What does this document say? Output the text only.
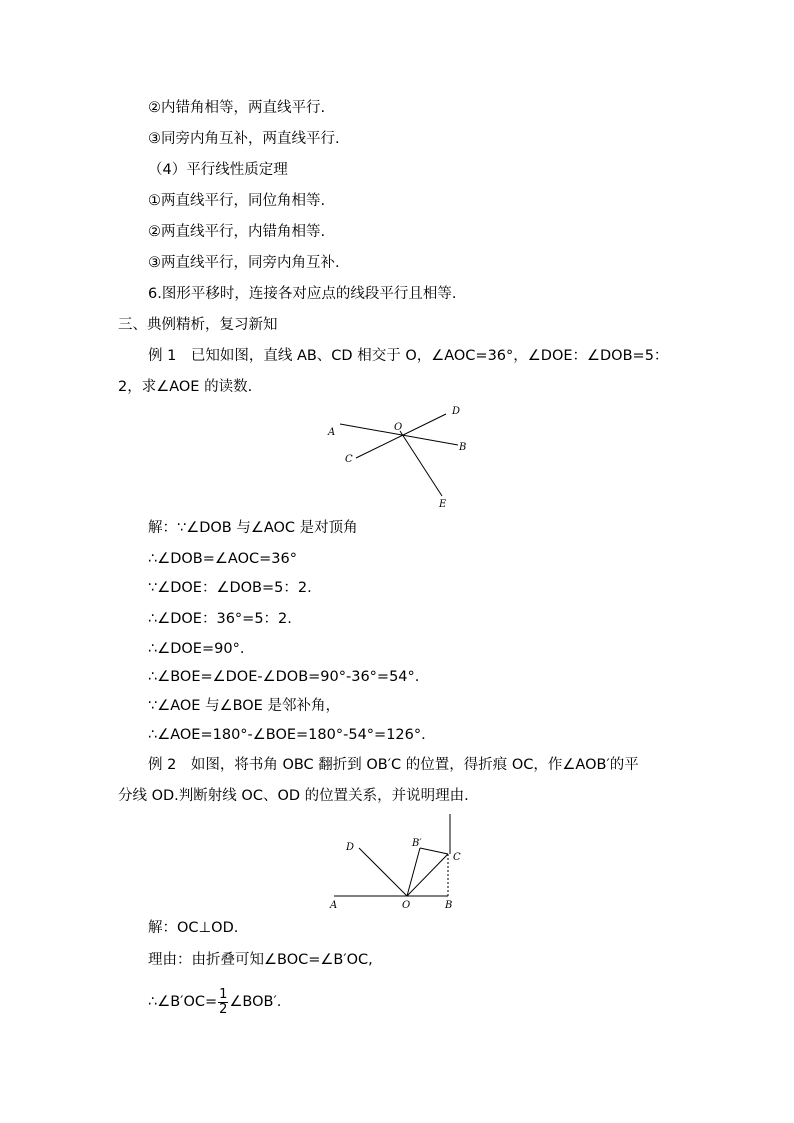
②内错角相等，两直线平行.
③同旁内角互补，两直线平行.
（4）平行线性质定理
①两直线平行，同位角相等.
②两直线平行，内错角相等.
③两直线平行，同旁内角互补.
6.图形平移时，连接各对应点的线段平行且相等.
三、典例精析，复习新知
例 1　已知如图，直线 AB、CD 相交于 O，∠AOC=36°，∠DOE：∠DOB=5：
2，求∠AOE 的读数.
A	O
D
B
C
E
解：∵∠DOB 与∠AOC 是对顶角
∴∠DOB=∠AOC=36°
∵∠DOE：∠DOB=5：2.
∴∠DOE：36°=5：2.
∴∠DOE=90°.
∴∠BOE=∠DOE-∠DOB=90°-36°=54°.
∵∠AOE 与∠BOE 是邻补角，
∴∠AOE=180°-∠BOE=180°-54°=126°.
例 2　如图，将书角 OBC 翻折到 OB′C 的位置，得折痕 OC，作∠AOB′的平
分线 OD.判断射线 OC、OD 的位置关系，并说明理由.
D	B′
C
A	O	B
解：OC⊥OD.
理由：由折叠可知∠BOC=∠B′OC,
∴∠B′OC= $\frac{1}{2}$ ∠BOB′.
